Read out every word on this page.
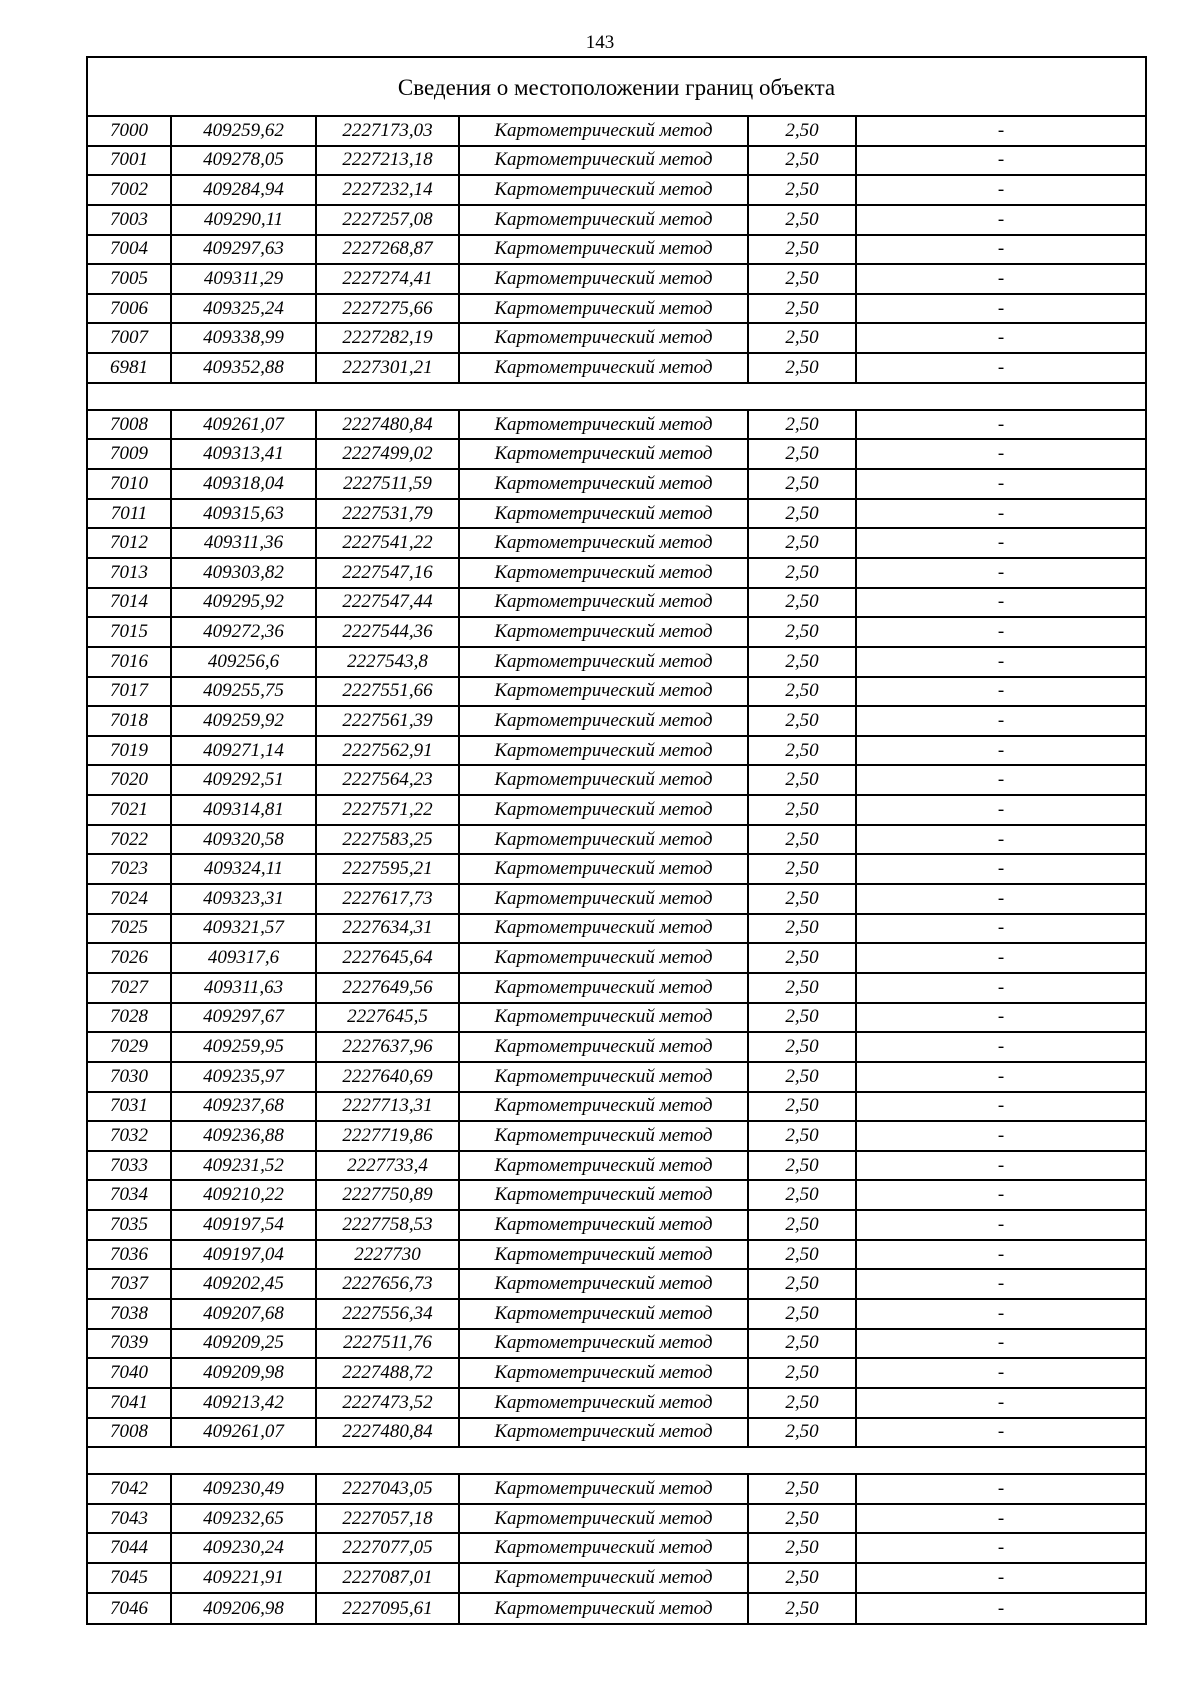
143
Сведения о местоположении границ объекта
7000	409259,62	2227173,03	Картометрический метод	2,50	-
7001	409278,05	2227213,18	Картометрический метод	2,50	-
7002	409284,94	2227232,14	Картометрический метод	2,50	-
7003	409290,11	2227257,08	Картометрический метод	2,50	-
7004	409297,63	2227268,87	Картометрический метод	2,50	-
7005	409311,29	2227274,41	Картометрический метод	2,50	-
7006	409325,24	2227275,66	Картометрический метод	2,50	-
7007	409338,99	2227282,19	Картометрический метод	2,50	-
6981	409352,88	2227301,21	Картометрический метод	2,50	-
7008	409261,07	2227480,84	Картометрический метод	2,50	-
7009	409313,41	2227499,02	Картометрический метод	2,50	-
7010	409318,04	2227511,59	Картометрический метод	2,50	-
7011	409315,63	2227531,79	Картометрический метод	2,50	-
7012	409311,36	2227541,22	Картометрический метод	2,50	-
7013	409303,82	2227547,16	Картометрический метод	2,50	-
7014	409295,92	2227547,44	Картометрический метод	2,50	-
7015	409272,36	2227544,36	Картометрический метод	2,50	-
7016	409256,6	2227543,8	Картометрический метод	2,50	-
7017	409255,75	2227551,66	Картометрический метод	2,50	-
7018	409259,92	2227561,39	Картометрический метод	2,50	-
7019	409271,14	2227562,91	Картометрический метод	2,50	-
7020	409292,51	2227564,23	Картометрический метод	2,50	-
7021	409314,81	2227571,22	Картометрический метод	2,50	-
7022	409320,58	2227583,25	Картометрический метод	2,50	-
7023	409324,11	2227595,21	Картометрический метод	2,50	-
7024	409323,31	2227617,73	Картометрический метод	2,50	-
7025	409321,57	2227634,31	Картометрический метод	2,50	-
7026	409317,6	2227645,64	Картометрический метод	2,50	-
7027	409311,63	2227649,56	Картометрический метод	2,50	-
7028	409297,67	2227645,5	Картометрический метод	2,50	-
7029	409259,95	2227637,96	Картометрический метод	2,50	-
7030	409235,97	2227640,69	Картометрический метод	2,50	-
7031	409237,68	2227713,31	Картометрический метод	2,50	-
7032	409236,88	2227719,86	Картометрический метод	2,50	-
7033	409231,52	2227733,4	Картометрический метод	2,50	-
7034	409210,22	2227750,89	Картометрический метод	2,50	-
7035	409197,54	2227758,53	Картометрический метод	2,50	-
7036	409197,04	2227730	Картометрический метод	2,50	-
7037	409202,45	2227656,73	Картометрический метод	2,50	-
7038	409207,68	2227556,34	Картометрический метод	2,50	-
7039	409209,25	2227511,76	Картометрический метод	2,50	-
7040	409209,98	2227488,72	Картометрический метод	2,50	-
7041	409213,42	2227473,52	Картометрический метод	2,50	-
7008	409261,07	2227480,84	Картометрический метод	2,50	-
7042	409230,49	2227043,05	Картометрический метод	2,50	-
7043	409232,65	2227057,18	Картометрический метод	2,50	-
7044	409230,24	2227077,05	Картометрический метод	2,50	-
7045	409221,91	2227087,01	Картометрический метод	2,50	-
7046	409206,98	2227095,61	Картометрический метод	2,50	-
